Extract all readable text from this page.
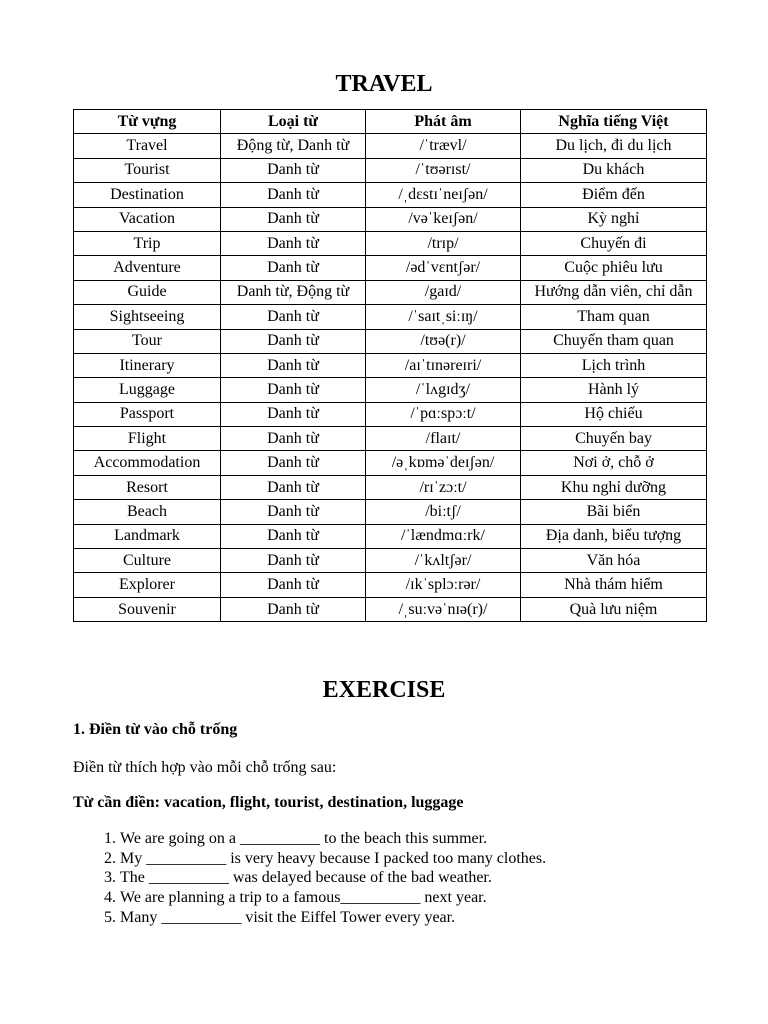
TRAVEL
Từ vựng	Loại từ	Phát âm	Nghĩa tiếng Việt
Travel	Động từ, Danh từ	/ˈtrævl/	Du lịch, đi du lịch
Tourist	Danh từ	/ˈtʊərɪst/	Du khách
Destination	Danh từ	/ˌdɛstɪˈneɪʃən/	Điểm đến
Vacation	Danh từ	/vəˈkeɪʃən/	Kỳ nghỉ
Trip	Danh từ	/trɪp/	Chuyến đi
Adventure	Danh từ	/ədˈvɛntʃər/	Cuộc phiêu lưu
Guide	Danh từ, Động từ	/gaɪd/	Hướng dẫn viên, chỉ dẫn
Sightseeing	Danh từ	/ˈsaɪtˌsiːɪŋ/	Tham quan
Tour	Danh từ	/tʊə(r)/	Chuyến tham quan
Itinerary	Danh từ	/aɪˈtɪnəreɪri/	Lịch trình
Luggage	Danh từ	/ˈlʌgɪdʒ/	Hành lý
Passport	Danh từ	/ˈpɑːspɔːt/	Hộ chiếu
Flight	Danh từ	/flaɪt/	Chuyến bay
Accommodation	Danh từ	/əˌkɒməˈdeɪʃən/	Nơi ở, chỗ ở
Resort	Danh từ	/rɪˈzɔːt/	Khu nghỉ dưỡng
Beach	Danh từ	/biːtʃ/	Bãi biển
Landmark	Danh từ	/ˈlændmɑːrk/	Địa danh, biểu tượng
Culture	Danh từ	/ˈkʌltʃər/	Văn hóa
Explorer	Danh từ	/ɪkˈsplɔːrər/	Nhà thám hiểm
Souvenir	Danh từ	/ˌsuːvəˈnɪə(r)/	Quà lưu niệm
EXERCISE
1. Điền từ vào chỗ trống
Điền từ thích hợp vào mỗi chỗ trống sau:
Từ cần điền: vacation, flight, tourist, destination, luggage
1. We are going on a __________ to the beach this summer.
2. My __________ is very heavy because I packed too many clothes.
3. The __________ was delayed because of the bad weather.
4. We are planning a trip to a famous__________ next year.
5. Many __________ visit the Eiffel Tower every year.
